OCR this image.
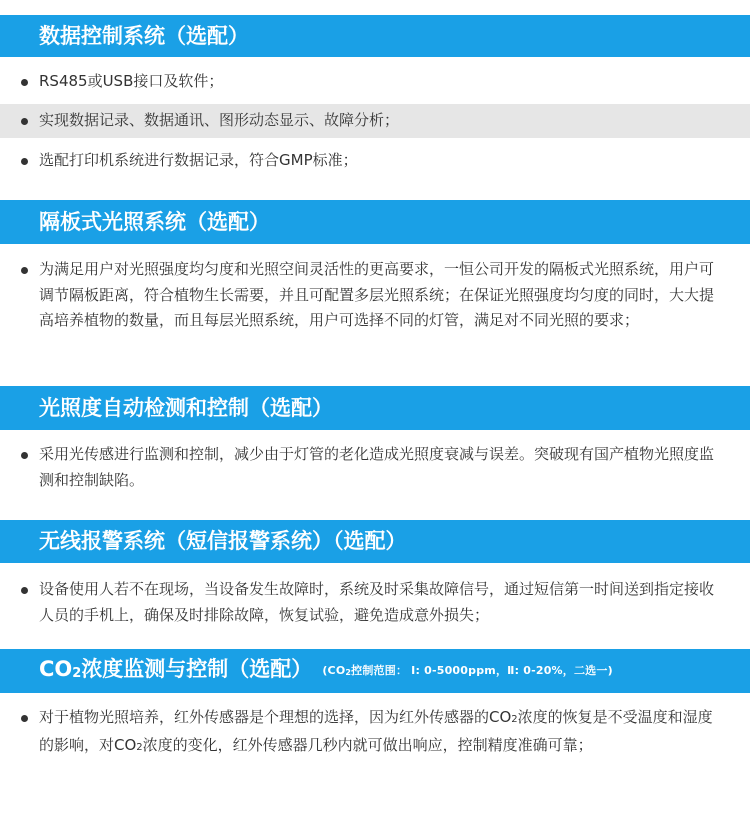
数据控制系统（选配）
RS485或USB接口及软件；
实现数据记录、数据通讯、图形动态显示、故障分析；
选配打印机系统进行数据记录，符合GMP标准；
隔板式光照系统（选配）
为满足用户对光照强度均匀度和光照空间灵活性的更高要求，一恒公司开发的隔板式光照系统，用户可调节隔板距离，符合植物生长需要，并且可配置多层光照系统；在保证光照强度均匀度的同时，大大提高培养植物的数量，而且每层光照系统，用户可选择不同的灯管，满足对不同光照的要求；
光照度自动检测和控制（选配）
采用光传感进行监测和控制，减少由于灯管的老化造成光照度衰减与误差。突破现有国产植物光照度监测和控制缺陷。
无线报警系统（短信报警系统）（选配）
设备使用人若不在现场，当设备发生故障时，系统及时采集故障信号，通过短信第一时间送到指定接收人员的手机上，确保及时排除故障，恢复试验，避免造成意外损失；
CO2浓度监测与控制（选配） (CO2控制范围： Ⅰ: 0-5000ppm，Ⅱ: 0-20%，二选一)
对于植物光照培养，红外传感器是个理想的选择，因为红外传感器的CO2浓度的恢复是不受温度和湿度的影响，对CO2浓度的变化，红外传感器几秒内就可做出响应，控制精度准确可靠；
